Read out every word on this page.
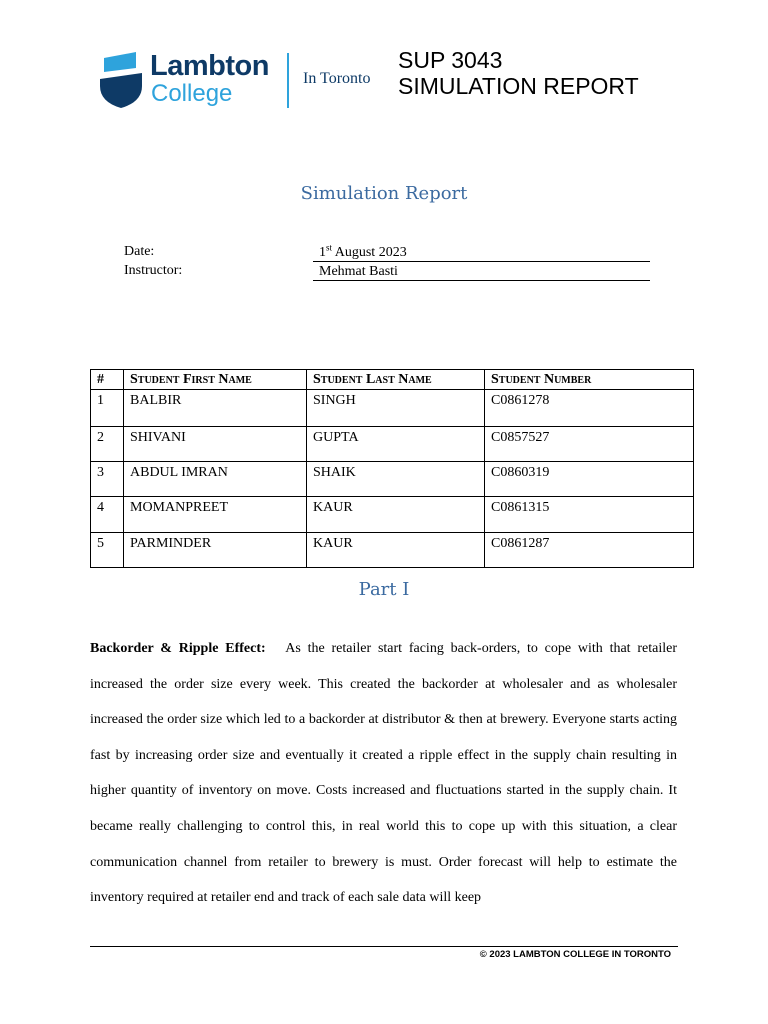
Lambton
College
In Toronto
SUP 3043
SIMULATION REPORT
Simulation Report
Date:	1st August 2023
Instructor:	Mehmat Basti
#	Student First Name	Student Last Name	Student Number
1	BALBIR	SINGH	C0861278
2	SHIVANI	GUPTA	C0857527
3	ABDUL IMRAN	SHAIK	C0860319
4	MOMANPREET	KAUR	C0861315
5	PARMINDER	KAUR	C0861287
Part I

Backorder & Ripple Effect: As the retailer start facing back-orders, to cope with that retailer increased the order size every week. This created the backorder at wholesaler and as wholesaler increased the order size which led to a backorder at distributor & then at brewery. Everyone starts acting fast by increasing order size and eventually it created a ripple effect in the supply chain resulting in higher quantity of inventory on move. Costs increased and fluctuations started in the supply chain. It became really challenging to control this, in real world this to cope up with this situation, a clear communication channel from retailer to brewery is must. Order forecast will help to estimate the inventory required at retailer end and track of each sale data will keep

© 2023 LAMBTON COLLEGE IN TORONTO
